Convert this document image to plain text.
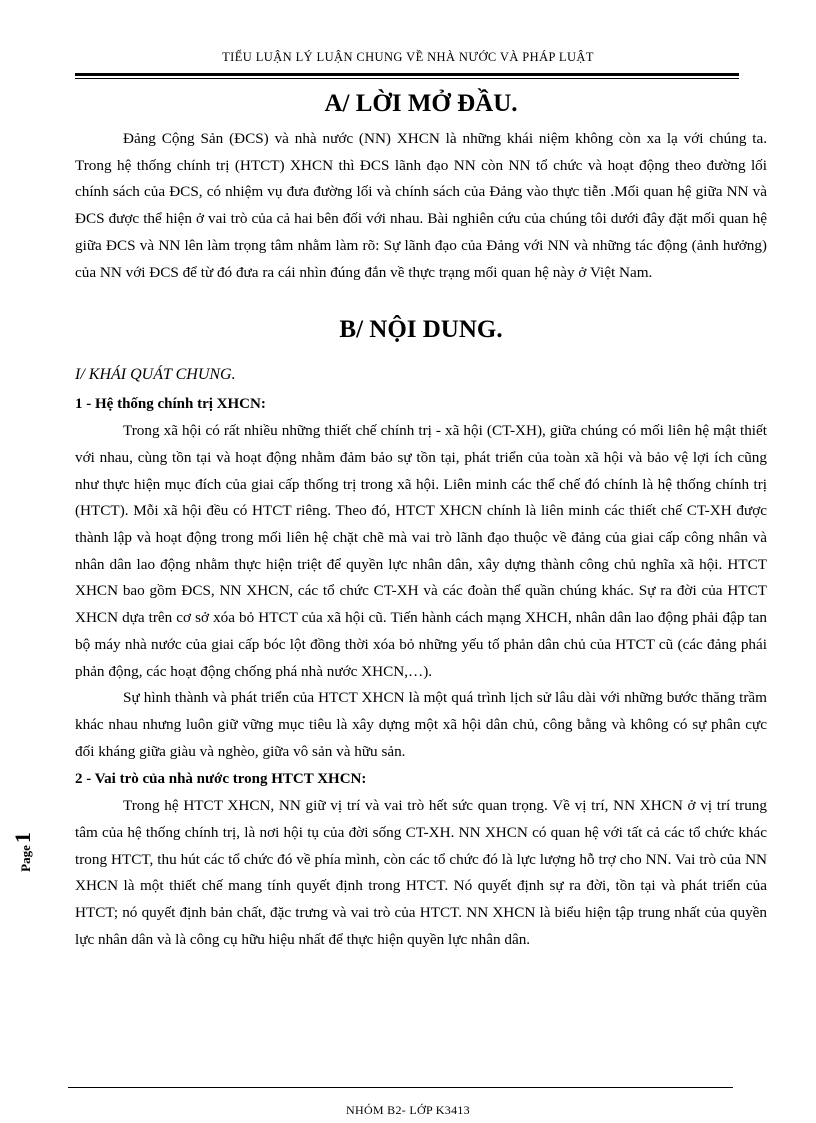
TIỂU LUẬN LÝ LUẬN CHUNG VỀ NHÀ NƯỚC VÀ PHÁP LUẬT
A/ LỜI MỞ ĐẦU.

Đảng Cộng Sản (ĐCS) và nhà nước (NN) XHCN là những khái niệm không còn xa lạ với chúng ta. Trong hệ thống chính trị (HTCT) XHCN thì ĐCS lãnh đạo NN còn NN tổ chức và hoạt động theo đường lối chính sách của ĐCS, có nhiệm vụ đưa đường lối và chính sách của Đảng vào thực tiễn .Mối quan hệ giữa NN và ĐCS được thể hiện ở vai trò của cả hai bên đối với nhau. Bài nghiên cứu của chúng tôi dưới đây đặt mối quan hệ giữa ĐCS và NN lên làm trọng tâm nhằm làm rõ: Sự lãnh đạo của Đảng với NN và những tác động (ảnh hưởng) của NN với ĐCS để từ đó đưa ra cái nhìn đúng đắn về thực trạng mối quan hệ này ở Việt Nam.

B/ NỘI DUNG.

I/ KHÁI QUÁT CHUNG.

1 - Hệ thống chính trị XHCN:

Trong xã hội có rất nhiều những thiết chế chính trị - xã hội (CT-XH), giữa chúng có mối liên hệ mật thiết với nhau, cùng tồn tại và hoạt động nhằm đảm bảo sự tồn tại, phát triển của toàn xã hội và bảo vệ lợi ích cũng như thực hiện mục đích của giai cấp thống trị trong xã hội. Liên minh các thể chế đó chính là hệ thống chính trị (HTCT). Mỗi xã hội đều có HTCT riêng. Theo đó, HTCT XHCN chính là liên minh các thiết chế CT-XH được thành lập và hoạt động trong mối liên hệ chặt chẽ mà vai trò lãnh đạo thuộc về đảng của giai cấp công nhân và nhân dân lao động nhằm thực hiện triệt để quyền lực nhân dân, xây dựng thành công chủ nghĩa xã hội. HTCT XHCN bao gồm ĐCS, NN XHCN, các tổ chức CT-XH và các đoàn thể quần chúng khác. Sự ra đời của HTCT XHCN dựa trên cơ sở xóa bỏ HTCT của xã hội cũ. Tiến hành cách mạng XHCH, nhân dân lao động phải đập tan bộ máy nhà nước của giai cấp bóc lột đồng thời xóa bỏ những yếu tố phản dân chủ của HTCT cũ (các đảng phái phản động, các hoạt động chống phá nhà nước XHCN,…).

Sự hình thành và phát triển của HTCT XHCN là một quá trình lịch sử lâu dài với những bước thăng trầm khác nhau nhưng luôn giữ vững mục tiêu là xây dựng một xã hội dân chủ, công bằng và không có sự phân cực đối kháng giữa giàu và nghèo, giữa vô sản và hữu sản.

2 - Vai trò của nhà nước trong HTCT XHCN:

Trong hệ HTCT XHCN, NN giữ vị trí và vai trò hết sức quan trọng. Về vị trí, NN XHCN ở vị trí trung tâm của hệ thống chính trị, là nơi hội tụ của đời sống CT-XH. NN XHCN có quan hệ với tất cả các tổ chức khác trong HTCT, thu hút các tổ chức đó về phía mình, còn các tổ chức đó là lực lượng hỗ trợ cho NN. Vai trò của NN XHCN là một thiết chế mang tính quyết định trong HTCT. Nó quyết định sự ra đời, tồn tại và phát triển của HTCT; nó quyết định bản chất, đặc trưng và vai trò của HTCT. NN XHCN là biểu hiện tập trung nhất của quyền lực nhân dân và là công cụ hữu hiệu nhất để thực hiện quyền lực nhân dân.

Page1
NHÓM B2- LỚP K3413
